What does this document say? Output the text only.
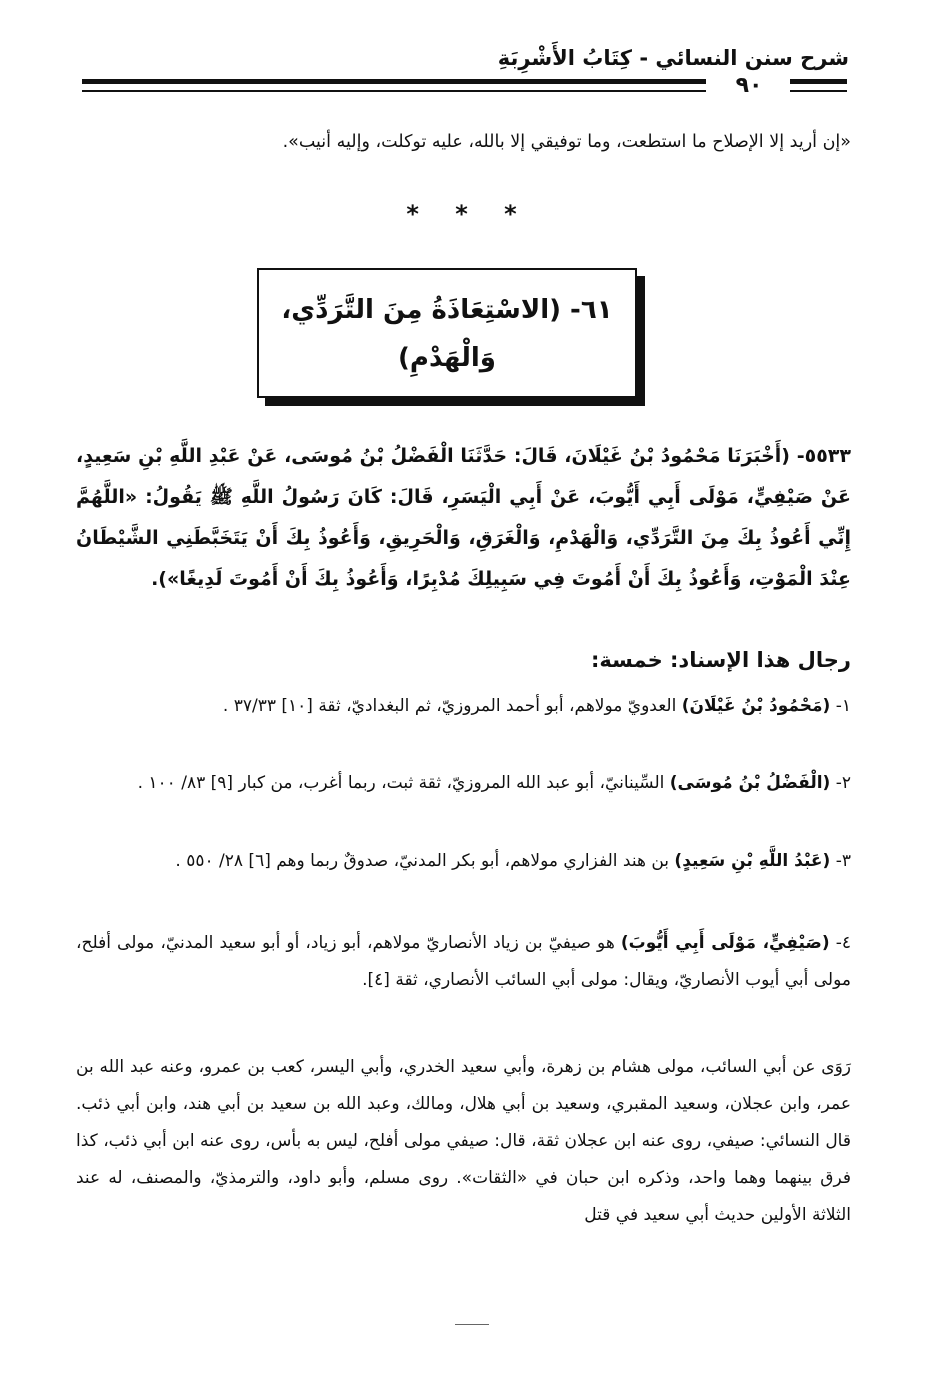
شرح سنن النسائي - كِتَابُ الأَشْرِبَةِ
٩٠
«إن أريد إلا الإصلاح ما استطعت، وما توفيقي إلا بالله، عليه توكلت، وإليه أنيب».
* * *
٦١- (الاسْتِعَاذَةُ مِنَ التَّرَدِّي،
وَالْهَدْمِ)
٥٥٣٣- (أَخْبَرَنَا مَحْمُودُ بْنُ غَيْلَانَ، قَالَ: حَدَّثَنَا الْفَضْلُ بْنُ مُوسَى، عَنْ عَبْدِ اللَّهِ بْنِ سَعِيدٍ، عَنْ صَيْفِيٍّ، مَوْلَى أَبِي أَيُّوبَ، عَنْ أَبِي الْيَسَرِ، قَالَ: كَانَ رَسُولُ اللَّهِ ﷺ يَقُولُ: «اللَّهُمَّ إِنِّي أَعُوذُ بِكَ مِنَ التَّرَدِّي، وَالْهَدْمِ، وَالْغَرَقِ، وَالْحَرِيقِ، وَأَعُوذُ بِكَ أَنْ يَتَخَبَّطَنِي الشَّيْطَانُ عِنْدَ الْمَوْتِ، وَأَعُوذُ بِكَ أَنْ أَمُوتَ فِي سَبِيلِكَ مُدْبِرًا، وَأَعُوذُ بِكَ أَنْ أَمُوتَ لَدِيغًا»).
رجال هذا الإسناد: خمسة:
١- (مَحْمُودُ بْنُ غَيْلَانَ) العدويّ مولاهم، أبو أحمد المروزيّ، ثم البغداديّ، ثقة [١٠] ٣٧/٣٣ .
٢- (الْفَضْلُ بْنُ مُوسَى) السِّينانيّ، أبو عبد الله المروزيّ، ثقة ثبت، ربما أغرب، من كبار [٩] ٨٣/ ١٠٠ .
٣- (عَبْدُ اللَّهِ بْنِ سَعِيدٍ) بن هند الفزاري مولاهم، أبو بكر المدنيّ، صدوقٌ ربما وهم [٦] ٢٨/ ٥٥٠ .
٤- (صَيْفِيٍّ، مَوْلَى أَبِي أَيُّوبَ) هو صيفيّ بن زياد الأنصاريّ مولاهم، أبو زياد، أو أبو سعيد المدنيّ، مولى أفلح، مولى أبي أيوب الأنصاريّ، ويقال: مولى أبي السائب الأنصاري، ثقة [٤].
رَوَى عن أبي السائب، مولى هشام بن زهرة، وأبي سعيد الخدري، وأبي اليسر، كعب بن عمرو، وعنه عبد الله بن عمر، وابن عجلان، وسعيد المقبري، وسعيد بن أبي هلال، ومالك، وعبد الله بن سعيد بن أبي هند، وابن أبي ذئب. قال النسائي: صيفي، روى عنه ابن عجلان ثقة، قال: صيفي مولى أفلح، ليس به بأس، روى عنه ابن أبي ذئب، كذا فرق بينهما وهما واحد، وذكره ابن حبان في «الثقات». روى مسلم، وأبو داود، والترمذيّ، والمصنف، له عند الثلاثة الأولين حديث أبي سعيد في قتل
